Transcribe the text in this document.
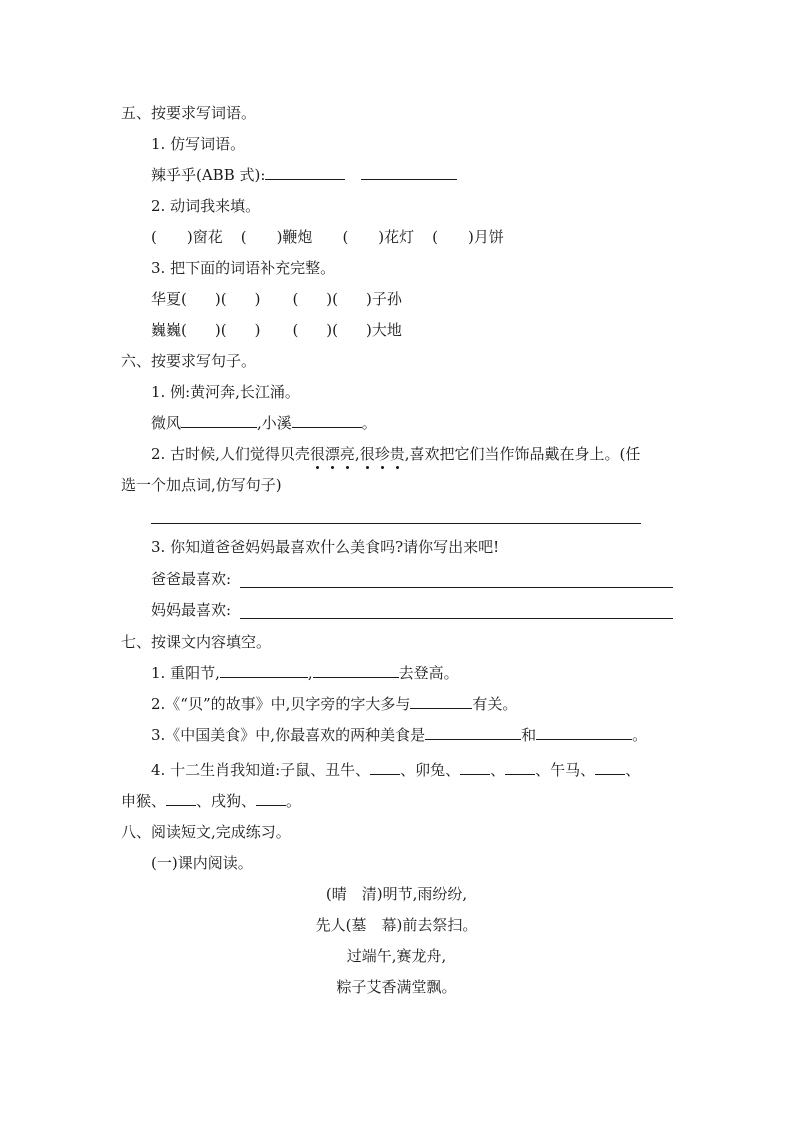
五、按要求写词语。
1. 仿写词语。
辣乎乎(ABB 式):
2. 动词我来填。
( )窗花 ( )鞭炮 ( )花灯 ( )月饼
3. 把下面的词语补充完整。
华夏( )( ) ( )( )子孙
巍巍( )( ) ( )( )大地
六、按要求写句子。
1. 例:黄河奔,长江涌。
微风	,小溪	。
2. 古时候,人们觉得贝壳很漂亮,很珍贵,喜欢把它们当作饰品戴在身上。(任
选一个加点词,仿写句子)
3. 你知道爸爸妈妈最喜欢什么美食吗?请你写出来吧!
爸爸最喜欢:
妈妈最喜欢:
七、按课文内容填空。
1. 重阳节,	,	去登高。
2.《“贝”的故事》中,贝字旁的字大多与	有关。
3.《中国美食》中,你最喜欢的两种美食是	和	。
4. 十二生肖我知道:子鼠、丑牛、 、卯兔、 、 、午马、 、
申猴、 、戌狗、 。
八、阅读短文,完成练习。
(一)课内阅读。
(晴　清)明节,雨纷纷,
先人(墓　幕)前去祭扫。
过端午,赛龙舟,
粽子艾香满堂飘。
